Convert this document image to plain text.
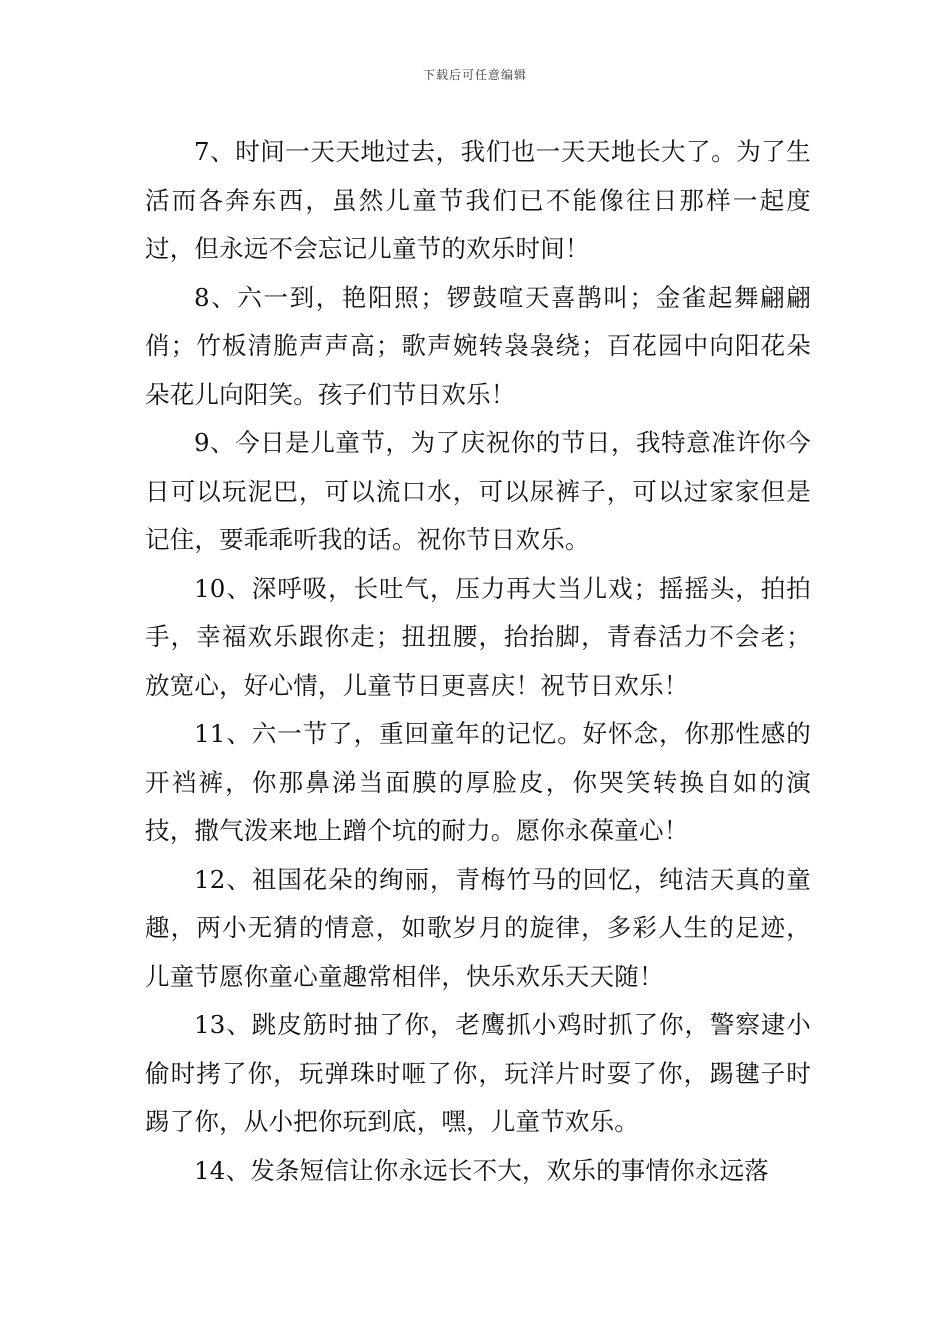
下载后可任意编辑

7、时间一天天地过去，我们也一天天地长大了。为了生活而各奔东西，虽然儿童节我们已不能像往日那样一起度过，但永远不会忘记儿童节的欢乐时间！

8、六一到，艳阳照；锣鼓喧天喜鹊叫；金雀起舞翩翩俏；竹板清脆声声高；歌声婉转袅袅绕；百花园中向阳花朵朵花儿向阳笑。孩子们节日欢乐！

9、今日是儿童节，为了庆祝你的节日，我特意准许你今日可以玩泥巴，可以流口水，可以尿裤子，可以过家家但是记住，要乖乖听我的话。祝你节日欢乐。

10、深呼吸，长吐气，压力再大当儿戏；摇摇头，拍拍手，幸福欢乐跟你走；扭扭腰，抬抬脚，青春活力不会老；放宽心，好心情，儿童节日更喜庆！祝节日欢乐！

11、六一节了，重回童年的记忆。好怀念，你那性感的开裆裤，你那鼻涕当面膜的厚脸皮，你哭笑转换自如的演技，撒气泼来地上蹭个坑的耐力。愿你永葆童心！

12、祖国花朵的绚丽，青梅竹马的回忆，纯洁天真的童趣，两小无猜的情意，如歌岁月的旋律，多彩人生的足迹，儿童节愿你童心童趣常相伴，快乐欢乐天天随！

13、跳皮筋时抽了你，老鹰抓小鸡时抓了你，警察逮小偷时拷了你，玩弹珠时咂了你，玩洋片时耍了你，踢毽子时踢了你，从小把你玩到底，嘿，儿童节欢乐。

14、发条短信让你永远长不大，欢乐的事情你永远落
